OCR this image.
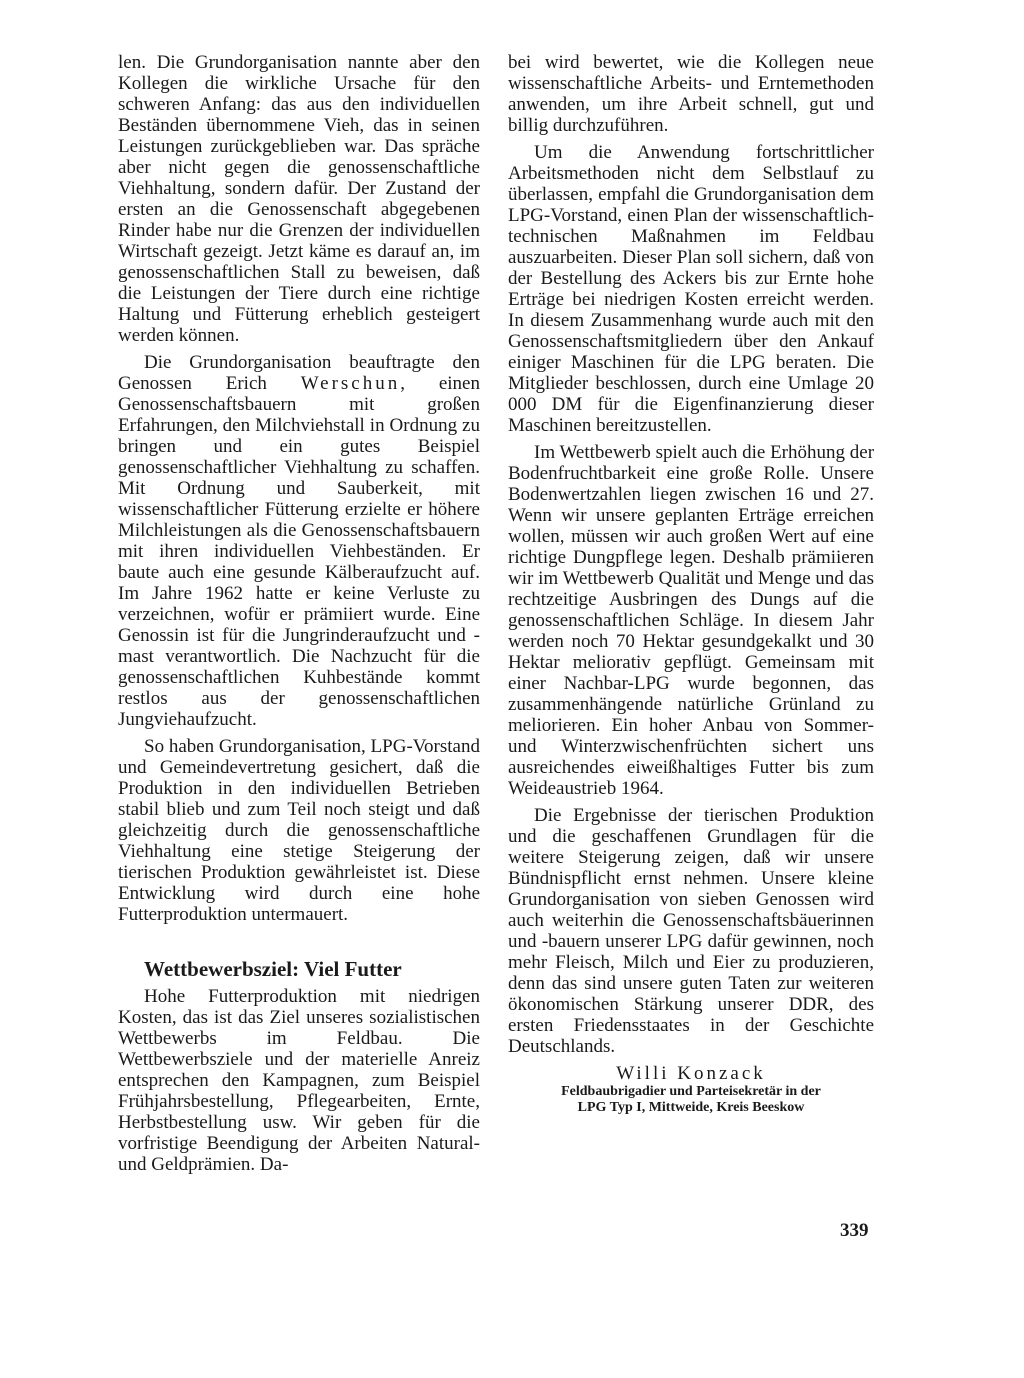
len. Die Grundorganisation nannte aber den Kollegen die wirkliche Ursache für den schweren Anfang: das aus den individuellen Beständen übernommene Vieh, das in seinen Leistungen zurückgeblieben war. Das spräche aber nicht gegen die genossenschaftliche Viehhaltung, sondern dafür. Der Zustand der ersten an die Genossenschaft abgegebenen Rinder habe nur die Grenzen der individuellen Wirtschaft gezeigt. Jetzt käme es darauf an, im genossenschaftlichen Stall zu beweisen, daß die Leistungen der Tiere durch eine richtige Haltung und Fütterung erheblich gesteigert werden können.

Die Grundorganisation beauftragte den Genossen Erich Werschun, einen Genossenschaftsbauern mit großen Erfahrungen, den Milchviehstall in Ordnung zu bringen und ein gutes Beispiel genossenschaftlicher Viehhaltung zu schaffen. Mit Ordnung und Sauberkeit, mit wissenschaftlicher Fütterung erzielte er höhere Milchleistungen als die Genossenschaftsbauern mit ihren individuellen Viehbeständen. Er baute auch eine gesunde Kälberaufzucht auf. Im Jahre 1962 hatte er keine Verluste zu verzeichnen, wofür er prämiiert wurde. Eine Genossin ist für die Jungrinderaufzucht und -mast verantwortlich. Die Nachzucht für die genossenschaftlichen Kuhbestände kommt restlos aus der genossenschaftlichen Jungviehaufzucht.

So haben Grundorganisation, LPG-Vorstand und Gemeindevertretung gesichert, daß die Produktion in den individuellen Betrieben stabil blieb und zum Teil noch steigt und daß gleichzeitig durch die genossenschaftliche Viehhaltung eine stetige Steigerung der tierischen Produktion gewährleistet ist. Diese Entwicklung wird durch eine hohe Futterproduktion untermauert.

Wettbewerbsziel: Viel Futter

Hohe Futterproduktion mit niedrigen Kosten, das ist das Ziel unseres sozialistischen Wettbewerbs im Feldbau. Die Wettbewerbsziele und der materielle Anreiz entsprechen den Kampagnen, zum Beispiel Frühjahrsbestellung, Pflegearbeiten, Ernte, Herbstbestellung usw. Wir geben für die vorfristige Beendigung der Arbeiten Natural- und Geldprämien. Da-

bei wird bewertet, wie die Kollegen neue wissenschaftliche Arbeits- und Erntemethoden anwenden, um ihre Arbeit schnell, gut und billig durchzuführen.

Um die Anwendung fortschrittlicher Arbeitsmethoden nicht dem Selbstlauf zu überlassen, empfahl die Grundorganisation dem LPG-Vorstand, einen Plan der wissenschaftlich-technischen Maßnahmen im Feldbau auszuarbeiten. Dieser Plan soll sichern, daß von der Bestellung des Ackers bis zur Ernte hohe Erträge bei niedrigen Kosten erreicht werden. In diesem Zusammenhang wurde auch mit den Genossenschaftsmitgliedern über den Ankauf einiger Maschinen für die LPG beraten. Die Mitglieder beschlossen, durch eine Umlage 20 000 DM für die Eigenfinanzierung dieser Maschinen bereitzustellen.

Im Wettbewerb spielt auch die Erhöhung der Bodenfruchtbarkeit eine große Rolle. Unsere Bodenwertzahlen liegen zwischen 16 und 27. Wenn wir unsere geplanten Erträge erreichen wollen, müssen wir auch großen Wert auf eine richtige Dungpflege legen. Deshalb prämiieren wir im Wettbewerb Qualität und Menge und das rechtzeitige Ausbringen des Dungs auf die genossenschaftlichen Schläge. In diesem Jahr werden noch 70 Hektar gesundgekalkt und 30 Hektar meliorativ gepflügt. Gemeinsam mit einer Nachbar-LPG wurde begonnen, das zusammenhängende natürliche Grünland zu meliorieren. Ein hoher Anbau von Sommer- und Winterzwischenfrüchten sichert uns ausreichendes eiweißhaltiges Futter bis zum Weideaustrieb 1964.

Die Ergebnisse der tierischen Produktion und die geschaffenen Grundlagen für die weitere Steigerung zeigen, daß wir unsere Bündnispflicht ernst nehmen. Unsere kleine Grundorganisation von sieben Genossen wird auch weiterhin die Genossenschaftsbäuerinnen und -bauern unserer LPG dafür gewinnen, noch mehr Fleisch, Milch und Eier zu produzieren, denn das sind unsere guten Taten zur weiteren ökonomischen Stärkung unserer DDR, des ersten Friedensstaates in der Geschichte Deutschlands.

Willi Konzack
Feldbaubrigadier und Parteisekretär in der
LPG Typ I, Mittweide, Kreis Beeskow
339
